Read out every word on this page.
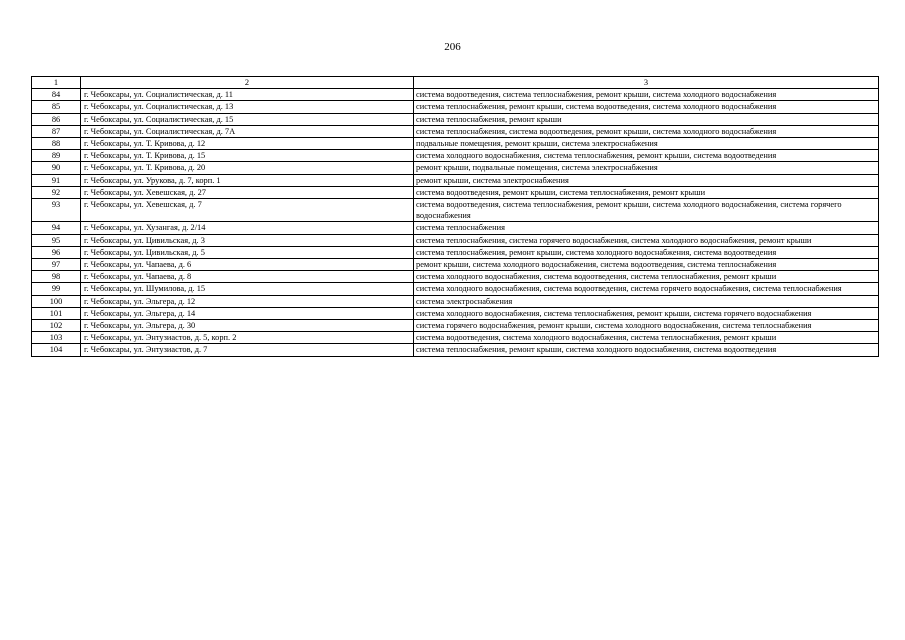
206
1	2	3
84	г. Чебоксары, ул. Социалистическая, д. 11	система водоотведения, система теплоснабжения, ремонт крыши, система холодного водоснабжения
85	г. Чебоксары, ул. Социалистическая, д. 13	система теплоснабжения, ремонт крыши, система водоотведения, система холодного водоснабжения
86	г. Чебоксары, ул. Социалистическая, д. 15	система теплоснабжения, ремонт крыши
87	г. Чебоксары, ул. Социалистическая, д. 7А	система теплоснабжения, система водоотведения, ремонт крыши, система холодного водоснабжения
88	г. Чебоксары, ул. Т. Кривова, д. 12	подвальные помещения, ремонт крыши, система электроснабжения
89	г. Чебоксары, ул. Т. Кривова, д. 15	система холодного водоснабжения, система теплоснабжения, ремонт крыши, система водоотведения
90	г. Чебоксары, ул. Т. Кривова, д. 20	ремонт крыши, подвальные помещения, система электроснабжения
91	г. Чебоксары, ул. Урукова, д. 7, корп. 1	ремонт крыши, система электроснабжения
92	г. Чебоксары, ул. Хевешская, д. 27	система водоотведения, ремонт крыши, система теплоснабжения, ремонт крыши
93	г. Чебоксары, ул. Хевешская, д. 7	система водоотведения, система теплоснабжения, ремонт крыши, система холодного водоснабжения, система горячего водоснабжения
94	г. Чебоксары, ул. Хузангая, д. 2/14	система теплоснабжения
95	г. Чебоксары, ул. Цивильская, д. 3	система теплоснабжения, система горячего водоснабжения, система холодного водоснабжения, ремонт крыши
96	г. Чебоксары, ул. Цивильская, д. 5	система теплоснабжения, ремонт крыши, система холодного водоснабжения, система водоотведения
97	г. Чебоксары, ул. Чапаева, д. 6	ремонт крыши, система холодного водоснабжения, система водоотведения, система теплоснабжения
98	г. Чебоксары, ул. Чапаева, д. 8	система холодного водоснабжения, система водоотведения, система теплоснабжения, ремонт крыши
99	г. Чебоксары, ул. Шумилова, д. 15	система холодного водоснабжения, система водоотведения, система горячего водоснабжения, система теплоснабжения
100	г. Чебоксары, ул. Эльгера, д. 12	система электроснабжения
101	г. Чебоксары, ул. Эльгера, д. 14	система холодного водоснабжения, система теплоснабжения, ремонт крыши, система горячего водоснабжения
102	г. Чебоксары, ул. Эльгера, д. 30	система горячего водоснабжения, ремонт крыши, система холодного водоснабжения, система теплоснабжения
103	г. Чебоксары, ул. Энтузиастов, д. 5, корп. 2	система водоотведения, система холодного водоснабжения, система теплоснабжения, ремонт крыши
104	г. Чебоксары, ул. Энтузиастов, д. 7	система теплоснабжения, ремонт крыши, система холодного водоснабжения, система водоотведения
